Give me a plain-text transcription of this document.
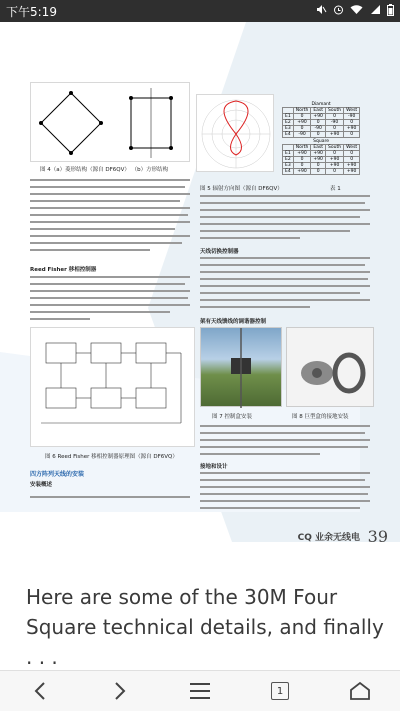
下午5:19
图 4（a）菱形结构（源自 DF6QV） （b）方形结构
图 5 辐射方向图（源自 DF6QV）	表 1
Diamant
	North	East	South	West
E1	0	+90	0	-90
E2	+90	0	-90	0
E3	0	-90	0	+90
E4	-90	0	+90	0
Square
	North	East	South	West
E1	+90	+90	0	0
E2	0	+90	+90	0
E3	0	0	+90	+90
E4	+90	0	0	+90
Reed Fisher 移相控制器
图 6 Reed Fisher 移相控制器原理图（源自 DF6VQ）
四方阵列天线的安装
安装概述
天线切换控制器
架有天线馈线的调谐器控制
图 7 控制盒安装	图 8 巨型盒的接地安装
接地和设计
CQ 业余无线电 39
Here are some of the 30M Four Square technical details, and finally . . .
1
